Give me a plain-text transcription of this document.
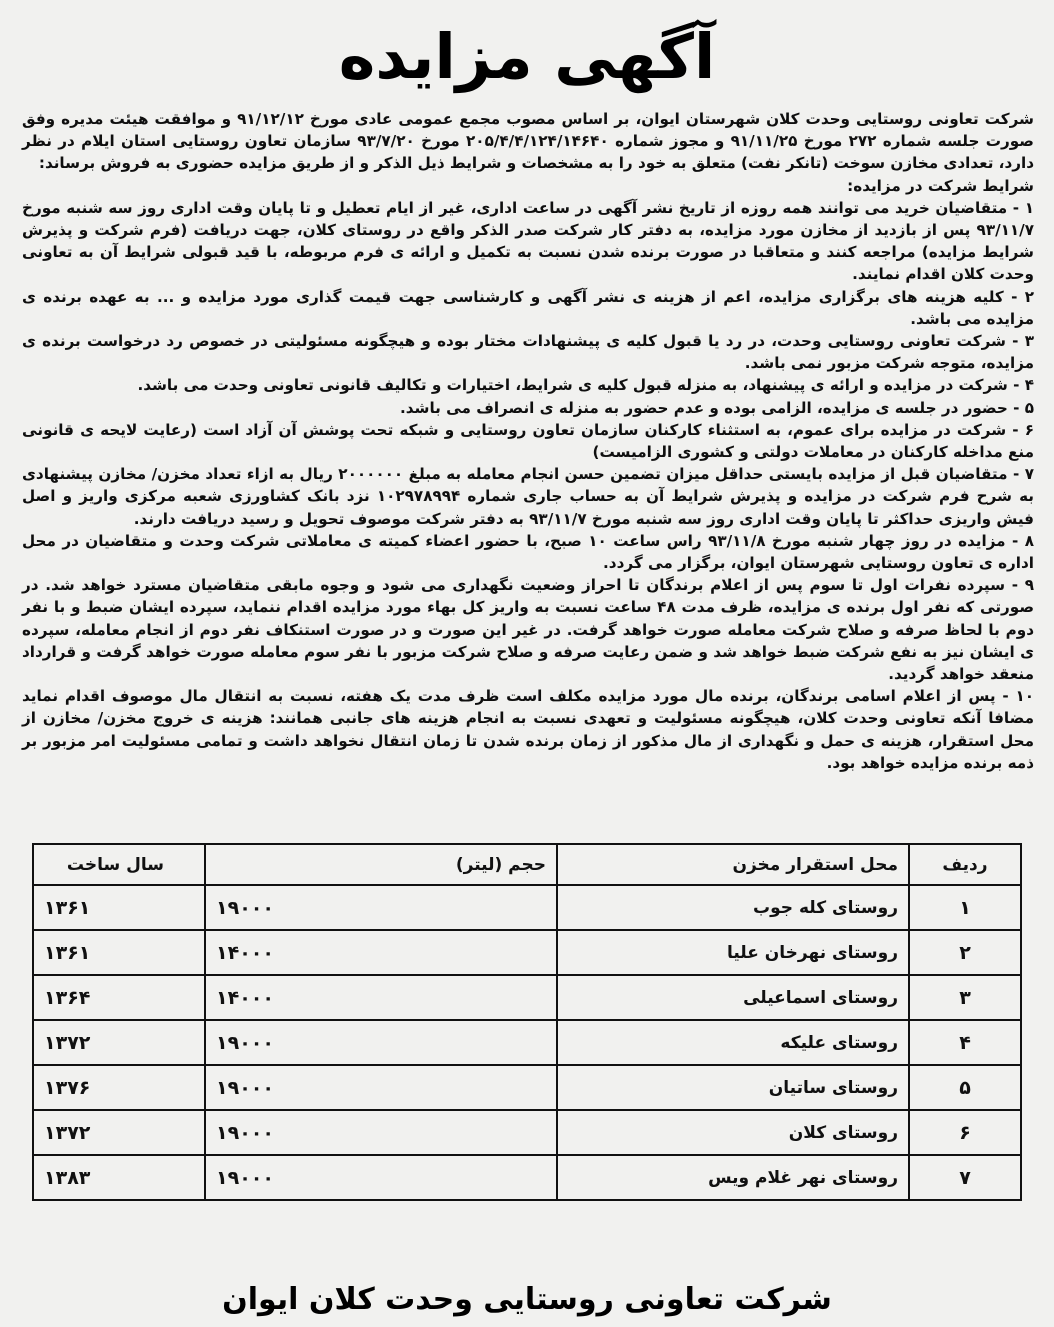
آگهی مزایده

شرکت تعاونی روستایی وحدت کلان شهرستان ایوان، بر اساس مصوب مجمع عمومی عادی مورخ ۹۱/۱۲/۱۲ و موافقت هیئت مدیره وفق صورت جلسه شماره ۲۷۲ مورخ ۹۱/۱۱/۲۵ و مجوز شماره ۲۰۵/۴/۴/۱۲۴/۱۴۶۴۰ مورخ ۹۳/۷/۲۰ سازمان تعاون روستایی استان ایلام در نظر دارد، تعدادی مخازن سوخت (تانکر نفت) متعلق به خود را به مشخصات و شرایط ذیل الذکر و از طریق مزایده حضوری به فروش برساند:

شرایط شرکت در مزایده:

۱ - متقاضیان خرید می توانند همه روزه از تاریخ نشر آگهی در ساعت اداری، غیر از ایام تعطیل و تا پایان وقت اداری روز سه شنبه مورخ ۹۳/۱۱/۷ پس از بازدید از مخازن مورد مزایده، به دفتر کار شرکت صدر الذکر واقع در روستای کلان، جهت دریافت (فرم شرکت و پذیرش شرایط مزایده) مراجعه کنند و متعاقبا در صورت برنده شدن نسبت به تکمیل و ارائه ی فرم مربوطه، با قید قبولی شرایط آن به تعاونی وحدت کلان اقدام نمایند.

۲ - کلیه هزینه های برگزاری مزایده، اعم از هزینه ی نشر آگهی و کارشناسی جهت قیمت گذاری مورد مزایده و ... به عهده برنده ی مزایده می باشد.

۳ - شرکت تعاونی روستایی وحدت، در رد یا قبول کلیه ی پیشنهادات مختار بوده و هیچگونه مسئولیتی در خصوص رد درخواست برنده ی مزایده، متوجه شرکت مزبور نمی باشد.

۴ - شرکت در مزایده و ارائه ی پیشنهاد، به منزله قبول کلیه ی شرایط، اختیارات و تکالیف قانونی تعاونی وحدت می باشد.

۵ - حضور در جلسه ی مزایده، الزامی بوده و عدم حضور به منزله ی انصراف می باشد.

۶ - شرکت در مزایده برای عموم، به استثناء کارکنان سازمان تعاون روستایی و شبکه تحت پوشش آن آزاد است (رعایت لایحه ی قانونی منع مداخله کارکنان در معاملات دولتی و کشوری الزامیست)

۷ - متقاضیان قبل از مزایده بایستی حداقل میزان تضمین حسن انجام معامله به مبلغ ۲۰۰۰۰۰۰ ریال به ازاء تعداد مخزن/ مخازن پیشنهادی به شرح فرم شرکت در مزایده و پذیرش شرایط آن به حساب جاری شماره ۱۰۲۹۷۸۹۹۴ نزد بانک کشاورزی شعبه مرکزی واریز و اصل فیش واریزی حداکثر تا پایان وقت اداری روز سه شنبه مورخ ۹۳/۱۱/۷ به دفتر شرکت موصوف تحویل و رسید دریافت دارند.

۸ - مزایده در روز چهار شنبه مورخ ۹۳/۱۱/۸ راس ساعت ۱۰ صبح، با حضور اعضاء کمیته ی معاملاتی شرکت وحدت و متقاضیان در محل اداره ی تعاون روستایی شهرستان ایوان، برگزار می گردد.

۹ - سپرده نفرات اول تا سوم پس از اعلام برندگان تا احراز وضعیت نگهداری می شود و وجوه مابقی متقاضیان مسترد خواهد شد. در صورتی که نفر اول برنده ی مزایده، ظرف مدت ۴۸ ساعت نسبت به واریز کل بهاء مورد مزایده اقدام ننماید، سپرده ایشان ضبط و با نفر دوم با لحاظ صرفه و صلاح شرکت معامله صورت خواهد گرفت. در غیر این صورت و در صورت استنکاف نفر دوم از انجام معامله، سپرده ی ایشان نیز به نفع شرکت ضبط خواهد شد و ضمن رعایت صرفه و صلاح شرکت مزبور با نفر سوم معامله صورت خواهد گرفت و قرارداد منعقد خواهد گردید.

۱۰ - پس از اعلام اسامی برندگان، برنده مال مورد مزایده مکلف است ظرف مدت یک هفته، نسبت به انتقال مال موصوف اقدام نماید مضافا آنکه تعاونی وحدت کلان، هیچگونه مسئولیت و تعهدی نسبت به انجام هزینه های جانبی همانند: هزینه ی خروج مخزن/ مخازن از محل استقرار، هزینه ی حمل و نگهداری از مال مذکور از زمان برنده شدن تا زمان انتقال نخواهد داشت و تمامی مسئولیت امر مزبور بر ذمه برنده مزایده خواهد بود.

ردیف	محل استقرار مخزن	حجم (لیتر)	سال ساخت
۱	روستای کله جوب	۱۹۰۰۰	۱۳۶۱
۲	روستای نهرخان علیا	۱۴۰۰۰	۱۳۶۱
۳	روستای اسماعیلی	۱۴۰۰۰	۱۳۶۴
۴	روستای علیکه	۱۹۰۰۰	۱۳۷۲
۵	روستای ساتیان	۱۹۰۰۰	۱۳۷۶
۶	روستای کلان	۱۹۰۰۰	۱۳۷۲
۷	روستای نهر غلام ویس	۱۹۰۰۰	۱۳۸۳
شرکت تعاونی روستایی وحدت کلان ایوان
